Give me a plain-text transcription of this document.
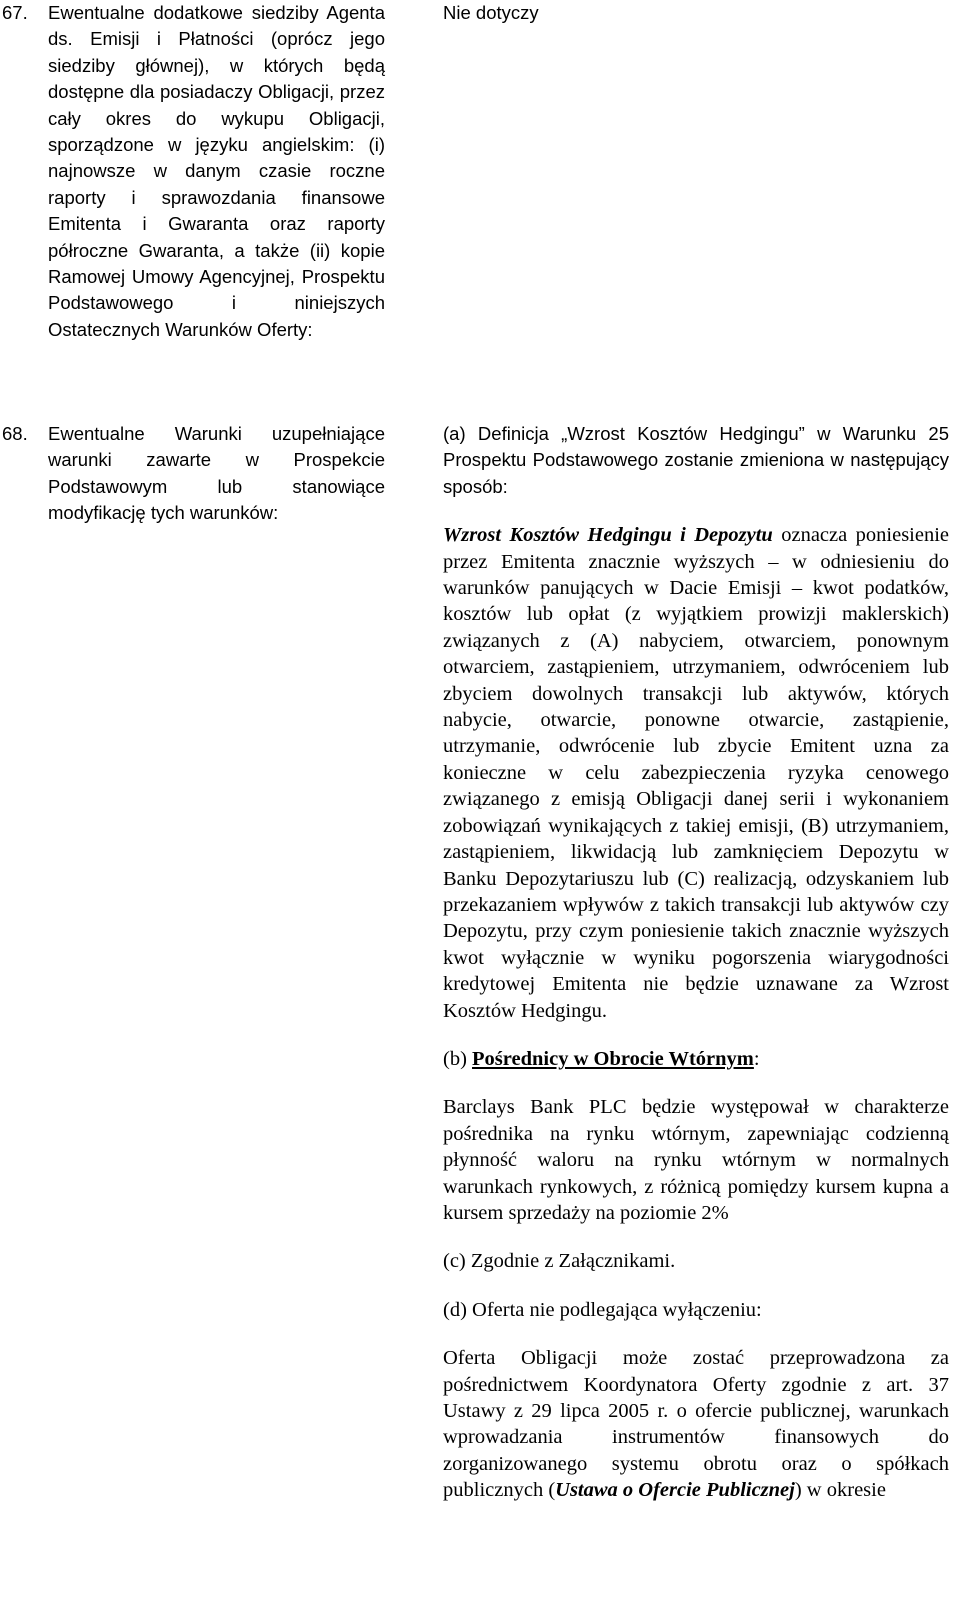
67. Ewentualne dodatkowe siedziby Agenta ds. Emisji i Płatności (oprócz jego siedziby głównej), w których będą dostępne dla posiadaczy Obligacji, przez cały okres do wykupu Obligacji, sporządzone w języku angielskim: (i) najnowsze w danym czasie roczne raporty i sprawozdania finansowe Emitenta i Gwaranta oraz raporty półroczne Gwaranta, a także (ii) kopie Ramowej Umowy Agencyjnej, Prospektu Podstawowego i niniejszych Ostatecznych Warunków Oferty:

Nie dotyczy

68. Ewentualne Warunki uzupełniające warunki zawarte w Prospekcie Podstawowym lub stanowiące modyfikację tych warunków:

(a) Definicja „Wzrost Kosztów Hedgingu” w Warunku 25 Prospektu Podstawowego zostanie zmieniona w następujący sposób:

Wzrost Kosztów Hedgingu i Depozytu oznacza poniesienie przez Emitenta znacznie wyższych – w odniesieniu do warunków panujących w Dacie Emisji – kwot podatków, kosztów lub opłat (z wyjątkiem prowizji maklerskich) związanych z (A) nabyciem, otwarciem, ponownym otwarciem, zastąpieniem, utrzymaniem, odwróceniem lub zbyciem dowolnych transakcji lub aktywów, których nabycie, otwarcie, ponowne otwarcie, zastąpienie, utrzymanie, odwrócenie lub zbycie Emitent uzna za konieczne w celu zabezpieczenia ryzyka cenowego związanego z emisją Obligacji danej serii i wykonaniem zobowiązań wynikających z takiej emisji, (B) utrzymaniem, zastąpieniem, likwidacją lub zamknięciem Depozytu w Banku Depozytariuszu lub (C) realizacją, odzyskaniem lub przekazaniem wpływów z takich transakcji lub aktywów czy Depozytu, przy czym poniesienie takich znacznie wyższych kwot wyłącznie w wyniku pogorszenia wiarygodności kredytowej Emitenta nie będzie uznawane za Wzrost Kosztów Hedgingu.

(b) Pośrednicy w Obrocie Wtórnym:

Barclays Bank PLC będzie występował w charakterze pośrednika na rynku wtórnym, zapewniając codzienną płynność waloru na rynku wtórnym w normalnych warunkach rynkowych, z różnicą pomiędzy kursem kupna a kursem sprzedaży na poziomie 2%

(c) Zgodnie z Załącznikami.

(d) Oferta nie podlegająca wyłączeniu:

Oferta Obligacji może zostać przeprowadzona za pośrednictwem Koordynatora Oferty zgodnie z art. 37 Ustawy z 29 lipca 2005 r. o ofercie publicznej, warunkach wprowadzania instrumentów finansowych do zorganizowanego systemu obrotu oraz o spółkach publicznych (Ustawa o Ofercie Publicznej) w okresie
